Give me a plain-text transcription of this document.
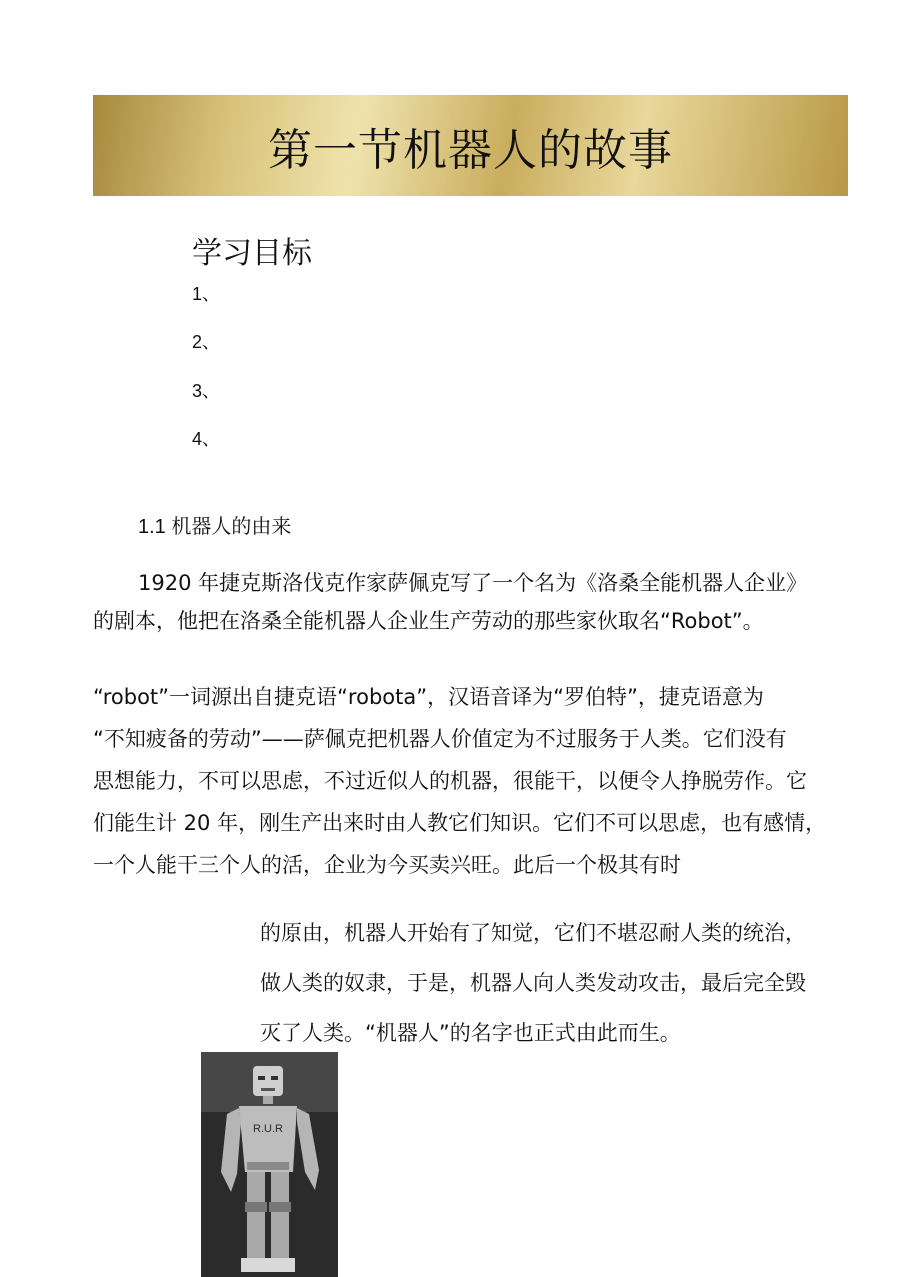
第一节机器人的故事
学习目标
1、
2、
3、
4、
1.1 机器人的由来
1920 年捷克斯洛伐克作家萨佩克写了一个名为《洛桑全能机器人企业》
的剧本，他把在洛桑全能机器人企业生产劳动的那些家伙取名“Robot”。
“robot”一词源出自捷克语“robota”，汉语音译为“罗伯特”，捷克语意为
“不知疲备的劳动”——萨佩克把机器人价值定为不过服务于人类。它们没有
思想能力，不可以思虑，不过近似人的机器，很能干，以便令人挣脱劳作。它
们能生计 20 年，刚生产出来时由人教它们知识。它们不可以思虑，也有感情，
一个人能干三个人的活，企业为今买卖兴旺。此后一个极其有时
的原由，机器人开始有了知觉，它们不堪忍耐人类的统治，
做人类的奴隶，于是，机器人向人类发动攻击，最后完全毁
灭了人类。“机器人”的名字也正式由此而生。
R.U.R
